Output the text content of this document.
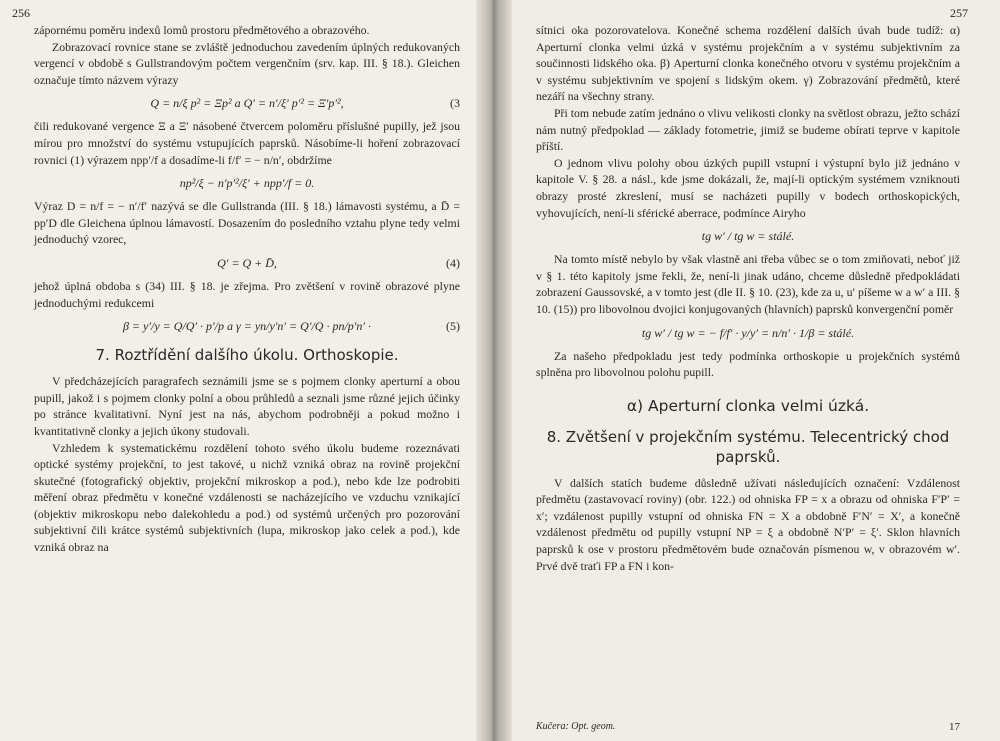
256

zápornému poměru indexů lomů prostoru předmětového a obrazového.

Zobrazovací rovnice stane se zvláště jednoduchou zavedením úplných redukovaných vergencí v obdobě s Gullstrandovým počtem vergenčním (srv. kap. III. § 18.). Gleichen označuje tímto názvem výrazy

Q = n/ξ p² = Ξp² a Q′ = n′/ξ′ p′² = Ξ′p′²,	(3

čili redukované vergence Ξ a Ξ′ násobené čtvercem poloměru příslušné pupilly, jež jsou mírou pro množství do systému vstupujících paprsků. Násobíme-li hoření zobrazovací rovnici (1) výrazem npp′/f a dosadíme-li f/f′ = − n/n′, obdržíme

np²/ξ − n′p′²/ξ′ + npp′/f = 0.

Výraz D = n/f = − n′/f′ nazývá se dle Gullstranda (III. § 18.) lámavosti systému, a D̄ = pp′D dle Gleichena úplnou lámavostí. Dosazením do posledního vztahu plyne tedy velmi jednoduchý vzorec,

Q′ = Q + D̄,	(4)

jehož úplná obdoba s (34) III. § 18. je zřejma. Pro zvětšení v rovině obrazové plyne jednoduchými redukcemi

β = y′/y = Q/Q′ · p′/p a γ = yn/y′n′ = Q′/Q · pn/p′n′ ·	(5)
7. Roztřídění dalšího úkolu. Orthoskopie.

V předcházejících paragrafech seznámili jsme se s pojmem clonky aperturní a obou pupill, jakož i s pojmem clonky polní a obou průhledů a seznali jsme různé jejich účinky po stránce kvalitativní. Nyní jest na nás, abychom podrobněji a pokud možno i kvantitativně clonky a jejich úkony studovali.

Vzhledem k systematickému rozdělení tohoto svého úkolu budeme rozeznávati optické systémy projekční, to jest takové, u nichž vzniká obraz na rovině projekční skutečné (fotografický objektiv, projekční mikroskop a pod.), nebo kde lze podrobiti měření obraz předmětu v konečné vzdálenosti se nacházejícího ve vzduchu vznikající (objektiv mikroskopu nebo dalekohledu a pod.) od systémů určených pro pozorování subjektivní čili krátce systémů subjektivních (lupa, mikroskop jako celek a pod.), kde vzniká obraz na

257

sítnici oka pozorovatelova. Konečné schema rozdělení dalších úvah bude tudíž: α) Aperturní clonka velmi úzká v systému projekčním a v systému subjektivním za součinnosti lidského oka. β) Aperturní clonka konečného otvoru v systému projekčním a v systému subjektivním ve spojení s lidským okem. γ) Zobrazování předmětů, které nezáří na všechny strany.

Při tom nebude zatím jednáno o vlivu velikosti clonky na světlost obrazu, ježto schází nám nutný předpoklad — základy fotometrie, jimiž se budeme obírati teprve v kapitole příští.

O jednom vlivu polohy obou úzkých pupill vstupní i výstupní bylo již jednáno v kapitole V. § 28. a násl., kde jsme dokázali, že, mají-li optickým systémem vzniknouti obrazy prosté zkreslení, musí se nacházeti pupilly v bodech orthoskopických, vyhovujících, není-li sférické aberrace, podmínce Airyho

tg w′ / tg w = stálé.

Na tomto místě nebylo by však vlastně ani třeba vůbec se o tom zmiňovati, neboť již v § 1. této kapitoly jsme řekli, že, není-li jinak udáno, chceme důsledně předpokládati zobrazení Gaussovské, a v tomto jest (dle II. § 10. (23), kde za u, u′ píšeme w a w′ a III. § 10. (15)) pro libovolnou dvojici konjugovaných (hlavních) paprsků konvergenční poměr

tg w′ / tg w = − f/f′ · y/y′ = n/n′ · 1/β = stálé.

Za našeho předpokladu jest tedy podmínka orthoskopie u projekčních systémů splněna pro libovolnou polohu pupill.

α) Aperturní clonka velmi úzká.
8. Zvětšení v projekčním systému. Telecentrický chod paprsků.

V dalších statích budeme důsledně užívati následujících označení: Vzdálenost předmětu (zastavovací roviny) (obr. 122.) od ohniska FP = x a obrazu od ohniska F′P′ = x′; vzdálenost pupilly vstupní od ohniska FN = X a obdobně F′N′ = X′, a konečně vzdálenost předmětu od pupilly vstupní NP = ξ a obdobně N′P′ = ξ′. Sklon hlavních paprsků k ose v prostoru předmětovém bude označován písmenou w, v obrazovém w′. Prvé dvě traťi FP a FN i kon-

Kučera: Opt. geom.	17
